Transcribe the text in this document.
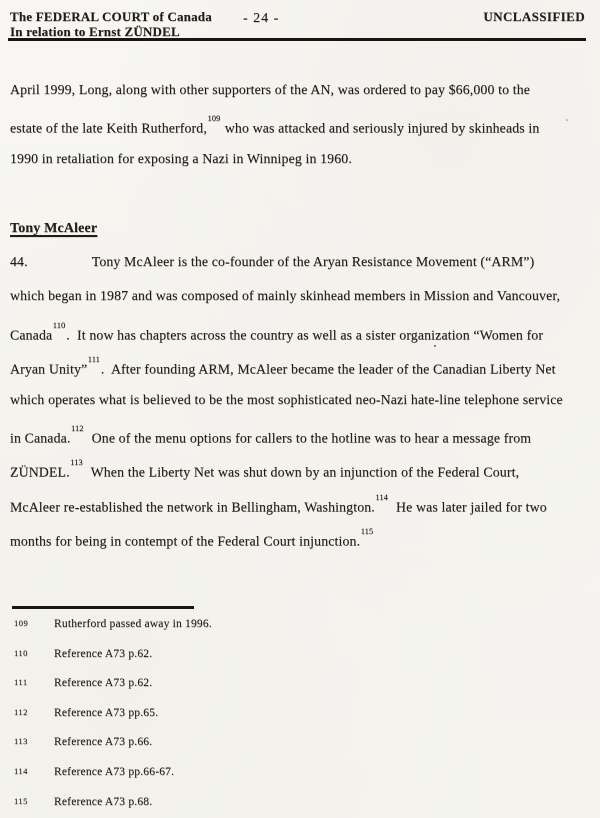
The FEDERAL COURT of Canada
In relation to Ernst ZÜNDEL
- 24 -	UNCLASSIFIED
April 1999, Long, along with other supporters of the AN, was ordered to pay $66,000 to the
estate of the late Keith Rutherford,$^{109}$ who was attacked and seriously injured by skinheads in
1990 in retaliation for exposing a Nazi in Winnipeg in 1960.
Tony McAleer
44.	Tony McAleer is the co-founder of the Aryan Resistance Movement (“ARM”)
which began in 1987 and was composed of mainly skinhead members in Mission and Vancouver,
Canada$^{110}$.  It now has chapters across the country as well as a sister organization “Women for
Aryan Unity”$^{111}$.  After founding ARM, McAleer became the leader of the Canadian Liberty Net
which operates what is believed to be the most sophisticated neo-Nazi hate-line telephone service
in Canada.$^{112}$  One of the menu options for callers to the hotline was to hear a message from
ZÜNDEL.$^{113}$  When the Liberty Net was shut down by an injunction of the Federal Court,
McAleer re-established the network in Bellingham, Washington.$^{114}$  He was later jailed for two
months for being in contempt of the Federal Court injunction.$^{115}$
109 Rutherford passed away in 1996.
110 Reference A73 p.62.
111 Reference A73 p.62.
112 Reference A73 pp.65.
113 Reference A73 p.66.
114 Reference A73 pp.66-67.
115 Reference A73 p.68.
